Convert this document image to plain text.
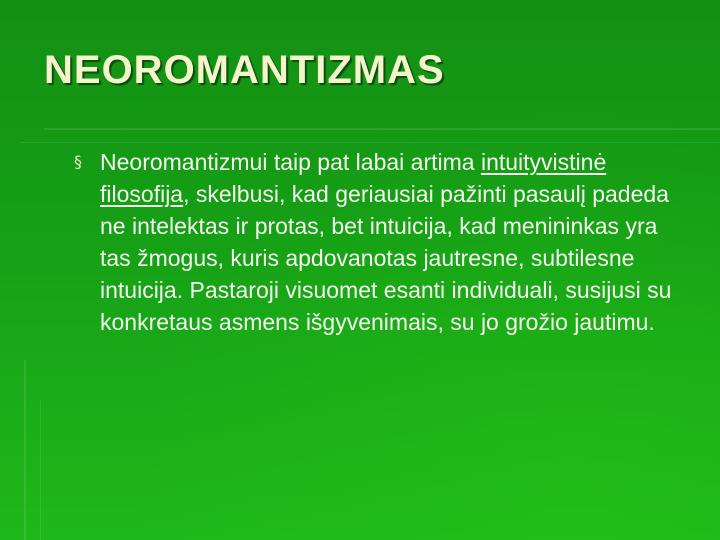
NEOROMANTIZMAS
§ Neoromantizmui taip pat labai artima intuityvistinė filosofija, skelbusi, kad geriausiai pažinti pasaulį padeda ne intelektas ir protas, bet intuicija, kad menininkas yra tas žmogus, kuris apdovanotas jautresne, subtilesne intuicija. Pastaroji visuomet esanti individuali, susijusi su konkretaus asmens išgyvenimais, su jo grožio jautimu.
